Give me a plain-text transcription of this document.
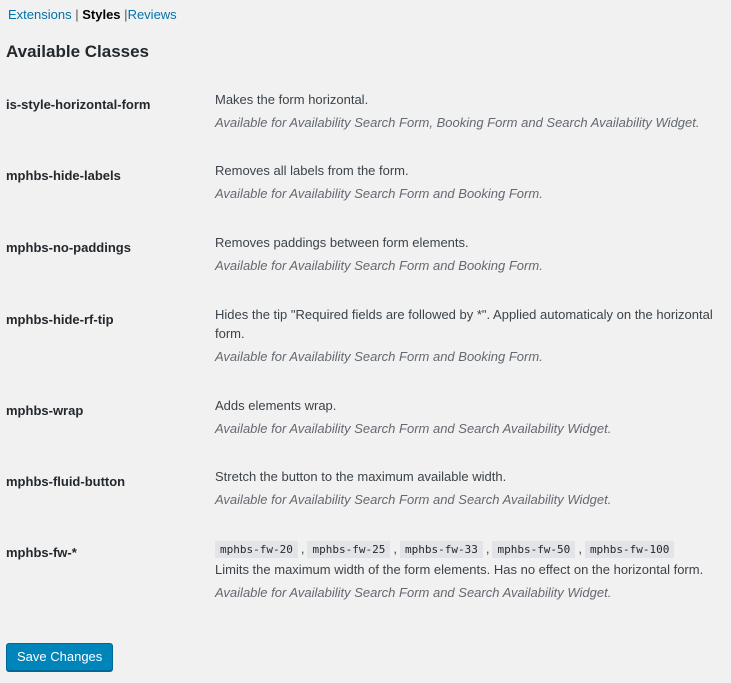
Extensions | Styles |Reviews
Available Classes
is-style-horizontal-form	Makes the form horizontal.
Available for Availability Search Form, Booking Form and Search Availability Widget.
mphbs-hide-labels	Removes all labels from the form.
Available for Availability Search Form and Booking Form.
mphbs-no-paddings	Removes paddings between form elements.
Available for Availability Search Form and Booking Form.
mphbs-hide-rf-tip	Hides the tip "Required fields are followed by *". Applied automaticaly on the horizontal form.
Available for Availability Search Form and Booking Form.
mphbs-wrap	Adds elements wrap.
Available for Availability Search Form and Search Availability Widget.
mphbs-fluid-button	Stretch the button to the maximum available width.
Available for Availability Search Form and Search Availability Widget.
mphbs-fw-*	mphbs-fw-20 , mphbs-fw-25 , mphbs-fw-33 , mphbs-fw-50 , mphbs-fw-100
Limits the maximum width of the form elements. Has no effect on the horizontal form.
Available for Availability Search Form and Search Availability Widget.
Save Changes
